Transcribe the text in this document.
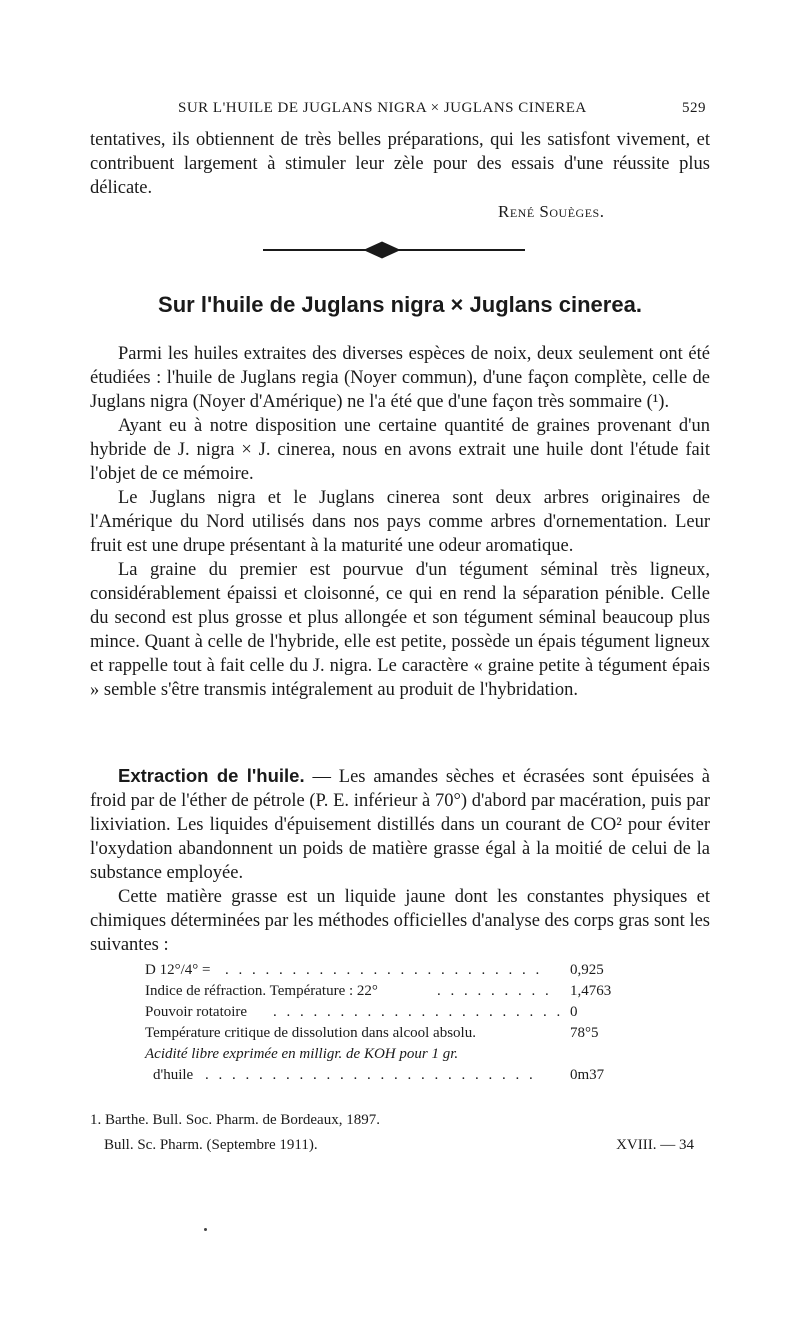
SUR L'HUILE DE JUGLANS NIGRA × JUGLANS CINEREA	529
tentatives, ils obtiennent de très belles préparations, qui les satisfont vivement, et contribuent largement à stimuler leur zèle pour des essais d'une réussite plus délicate.
René Souèges.
Sur l'huile de Juglans nigra × Juglans cinerea.

Parmi les huiles extraites des diverses espèces de noix, deux seulement ont été étudiées : l'huile de Juglans regia (Noyer commun), d'une façon complète, celle de Juglans nigra (Noyer d'Amérique) ne l'a été que d'une façon très sommaire (¹).

Ayant eu à notre disposition une certaine quantité de graines provenant d'un hybride de J. nigra × J. cinerea, nous en avons extrait une huile dont l'étude fait l'objet de ce mémoire.

Le Juglans nigra et le Juglans cinerea sont deux arbres originaires de l'Amérique du Nord utilisés dans nos pays comme arbres d'ornementation. Leur fruit est une drupe présentant à la maturité une odeur aromatique.

La graine du premier est pourvue d'un tégument séminal très ligneux, considérablement épaissi et cloisonné, ce qui en rend la séparation pénible. Celle du second est plus grosse et plus allongée et son tégument séminal beaucoup plus mince. Quant à celle de l'hybride, elle est petite, possède un épais tégument ligneux et rappelle tout à fait celle du J. nigra. Le caractère « graine petite à tégument épais » semble s'être transmis intégralement au produit de l'hybridation.

Extraction de l'huile. — Les amandes sèches et écrasées sont épuisées à froid par de l'éther de pétrole (P. E. inférieur à 70°) d'abord par macération, puis par lixiviation. Les liquides d'épuisement distillés dans un courant de CO² pour éviter l'oxydation abandonnent un poids de matière grasse égal à la moitié de celui de la substance employée.

Cette matière grasse est un liquide jaune dont les constantes physiques et chimiques déterminées par les méthodes officielles d'analyse des corps gras sont les suivantes :

D 12°/4° = . . . . . . . . . . . . . . . . . . . . . . . . 0,925
Indice de réfraction. Température : 22°	. . . . . . . . . 1,4763
Pouvoir rotatoire . . . . . . . . . . . . . . . . . . . . . . 0
Température critique de dissolution dans alcool absolu.	78°5
Acidité libre exprimée en milligr. de KOH pour 1 gr.
d'huile . . . . . . . . . . . . . . . . . . . . . . . . . 0m37
1. Barthe. Bull. Soc. Pharm. de Bordeaux, 1897.
Bull. Sc. Pharm. (Septembre 1911).	XVIII. — 34
